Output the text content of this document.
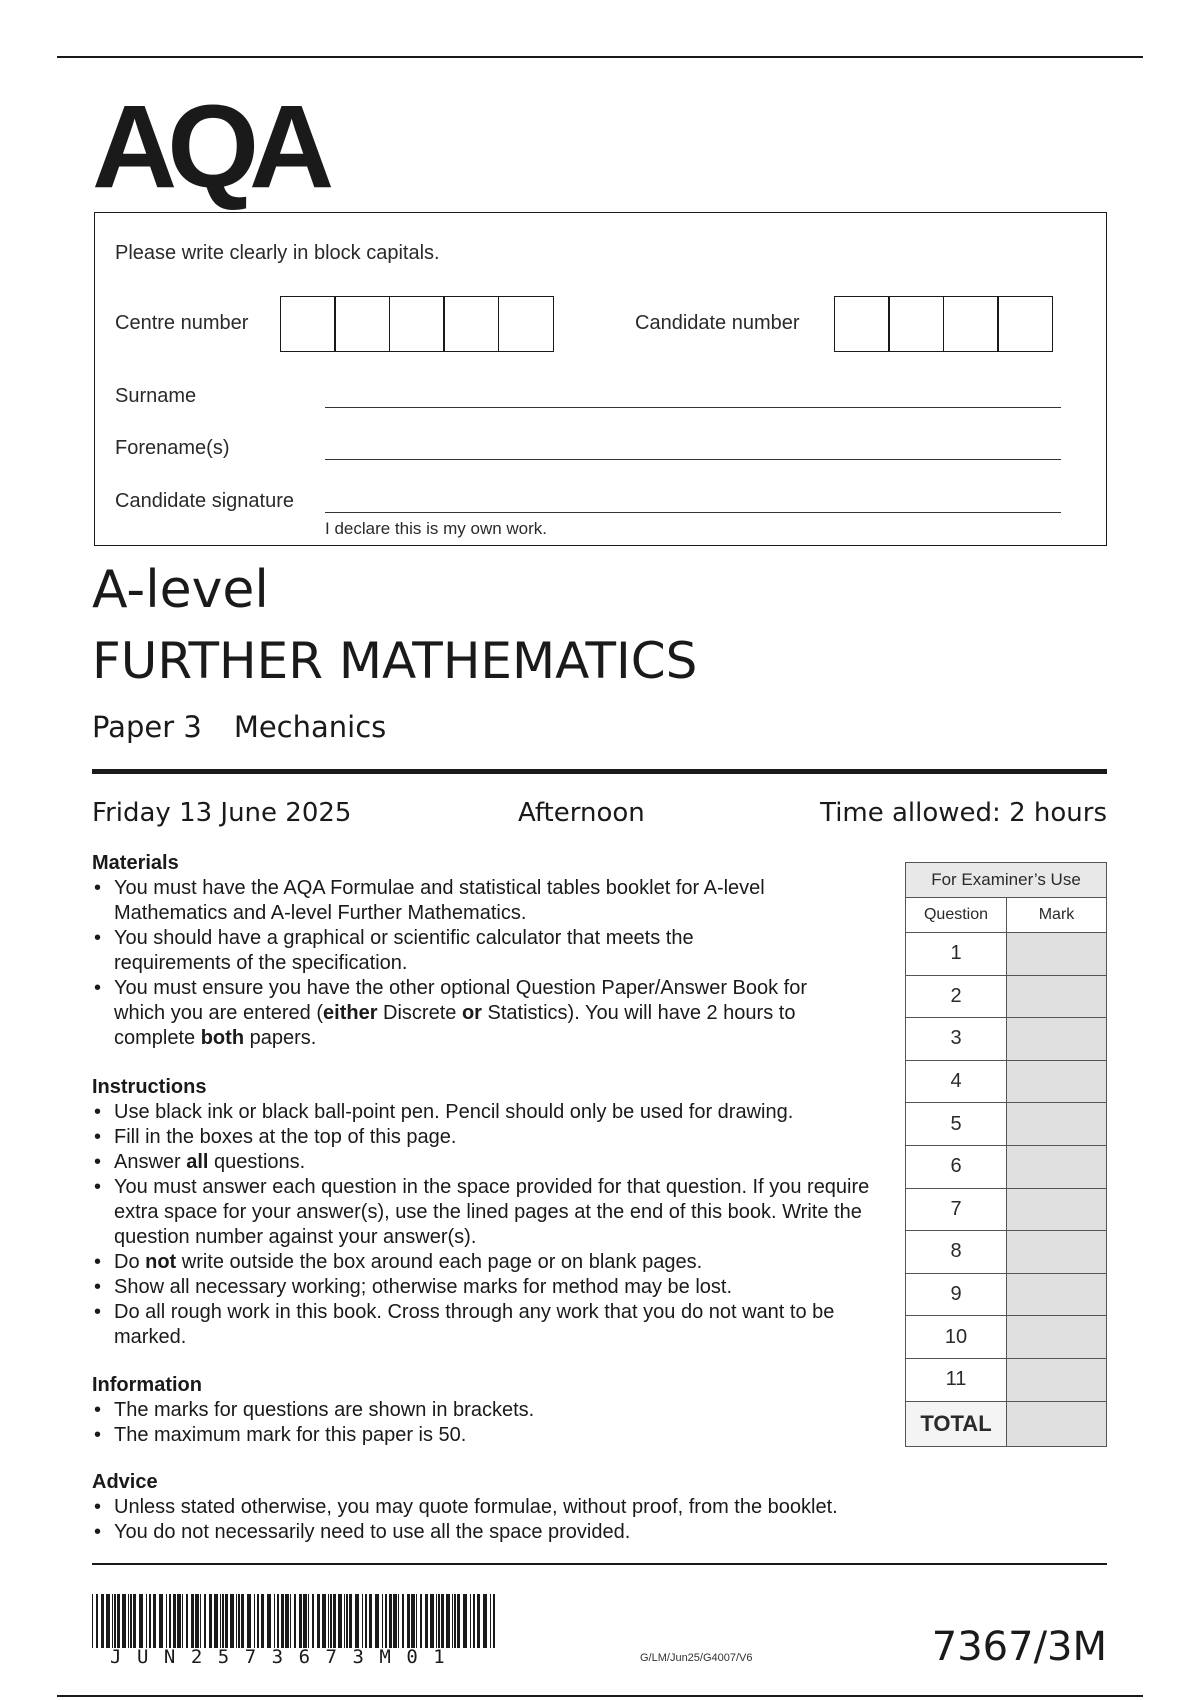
AQA
Please write clearly in block capitals.
Centre number	Candidate number
Surname
Forename(s)
Candidate signature
I declare this is my own work.
A-level
FURTHER MATHEMATICS
Paper 3 Mechanics
Friday 13 June 2025	Afternoon	Time allowed: 2 hours
Materials
• You must have the AQA Formulae and statistical tables booklet for A-level Mathematics and A-level Further Mathematics.
• You should have a graphical or scientific calculator that meets the requirements of the specification.
• You must ensure you have the other optional Question Paper/Answer Book for which you are entered (either Discrete or Statistics). You will have 2 hours to complete both papers.
Instructions
• Use black ink or black ball-point pen. Pencil should only be used for drawing.
• Fill in the boxes at the top of this page.
• Answer all questions.
• You must answer each question in the space provided for that question. If you require extra space for your answer(s), use the lined pages at the end of this book. Write the question number against your answer(s).
• Do not write outside the box around each page or on blank pages.
• Show all necessary working; otherwise marks for method may be lost.
• Do all rough work in this book. Cross through any work that you do not want to be marked.
Information
• The marks for questions are shown in brackets.
• The maximum mark for this paper is 50.
Advice
• Unless stated otherwise, you may quote formulae, without proof, from the booklet.
• You do not necessarily need to use all the space provided.
For Examiner’s Use	
Question	Mark
1	
2	
3	
4	
5	
6	
7	
8	
9	
10	
11	
TOTAL	
JUN2573673M01	G/LM/Jun25/G4007/V6	7367/3M
